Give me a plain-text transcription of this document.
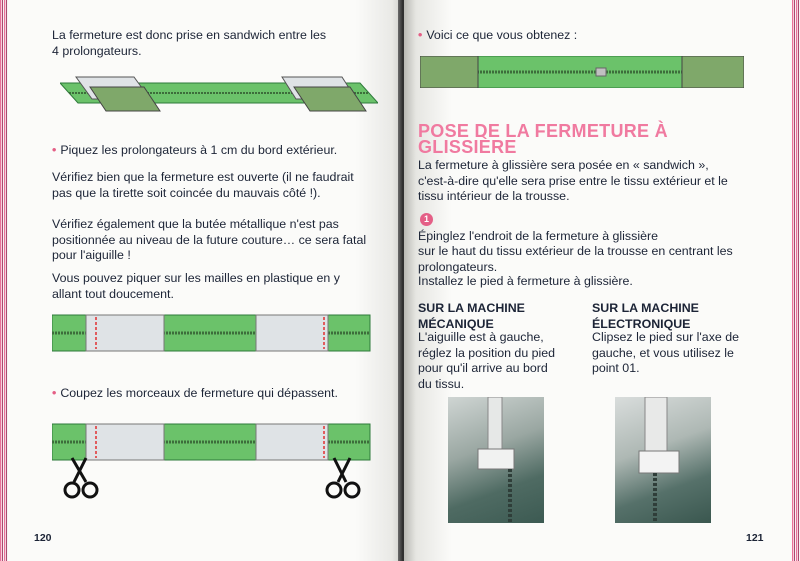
La fermeture est donc prise en sandwich entre les 4 prolongateurs.

• Piquez les prolongateurs à 1 cm du bord extérieur.

Vérifiez bien que la fermeture est ouverte (il ne faudrait pas que la tirette soit coincée du mauvais côté !).

Vérifiez également que la butée métallique n'est pas positionnée au niveau de la future couture… ce sera fatal pour l'aiguille !

Vous pouvez piquer sur les mailles en plastique en y allant tout doucement.

• Coupez les morceaux de fermeture qui dépassent.

120

• Voici ce que vous obtenez :

POSE DE LA FERMETURE À GLISSIÈRE

La fermeture à glissière sera posée en « sandwich », c'est-à-dire qu'elle sera prise entre le tissu extérieur et le tissu intérieur de la trousse.

1

Épinglez l'endroit de la fermeture à glissière

sur le haut du tissu extérieur de la trousse en centrant les prolongateurs.

Installez le pied à fermeture à glissière.

SUR LA MACHINE MÉCANIQUE

L'aiguille est à gauche, réglez la position du pied pour qu'il arrive au bord du tissu.

SUR LA MACHINE ÉLECTRONIQUE

Clipsez le pied sur l'axe de gauche, et vous utilisez le point 01.

121
